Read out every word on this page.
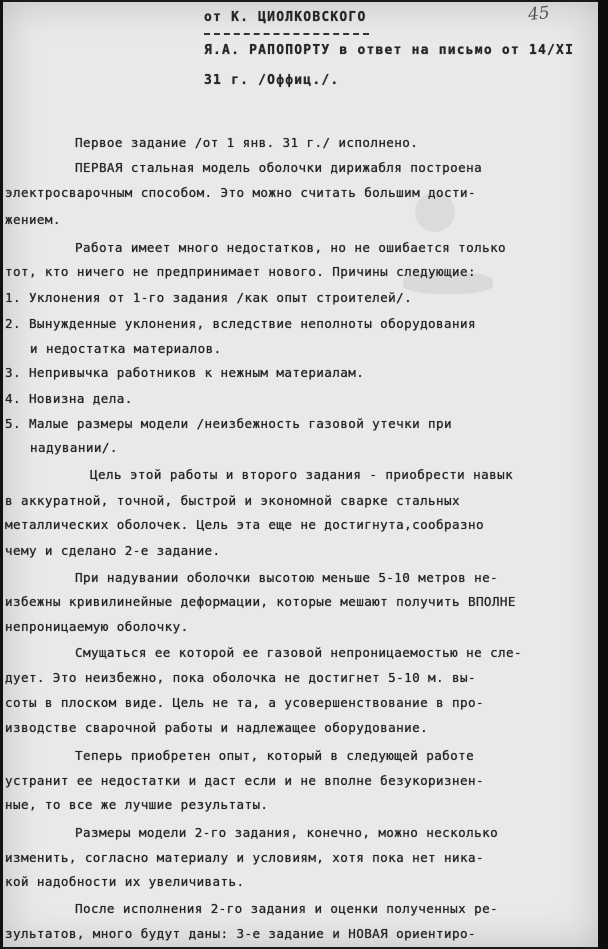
45
от К. ЦИОЛКОВСКОГО
Я.А. РАПОПОРТУ в ответ на письмо от 14/XI
31 г. /Оффиц./.
Первое задание /от 1 янв. 31 г./ исполнено.
ПЕРВАЯ стальная модель оболочки дирижабля построена
электросварочным способом. Это можно считать большим дости-
жением.
Работа имеет много недостатков, но не ошибается только
тот, кто ничего не предпринимает нового. Причины следующие:
1. Уклонения от 1-го задания /как опыт строителей/.
2. Вынужденные уклонения, вследствие неполноты оборудования
и недостатка материалов.
3. Непривычка работников к нежным материалам.
4. Новизна дела.
5. Малые размеры модели /неизбежность газовой утечки при
надувании/.
Цель этой работы и второго задания - приобрести навык
в аккуратной, точной, быстрой и экономной сварке стальных
металлических оболочек. Цель эта еще не достигнута,сообразно
чему и сделано 2-е задание.
При надувании оболочки высотою меньше 5-10 метров не-
избежны кривилинейные деформации, которые мешают получить ВПОЛНЕ
непроницаемую оболочку.
Смущаться ее которой ее газовой непроницаемостью не сле-
дует. Это неизбежно, пока оболочка не достигнет 5-10 м. вы-
соты в плоском виде. Цель не та, а усовершенствование в про-
изводстве сварочной работы и надлежащее оборудование.
Теперь приобретен опыт, который в следующей работе
устранит ее недостатки и даст если и не вполне безукоризнен-
ные, то все же лучшие результаты.
Размеры модели 2-го задания, конечно, можно несколько
изменить, согласно материалу и условиям, хотя пока нет ника-
кой надобности их увеличивать.
После исполнения 2-го задания и оценки полученных ре-
зультатов, много будут даны: 3-е задание и НОВАЯ ориентиро-
